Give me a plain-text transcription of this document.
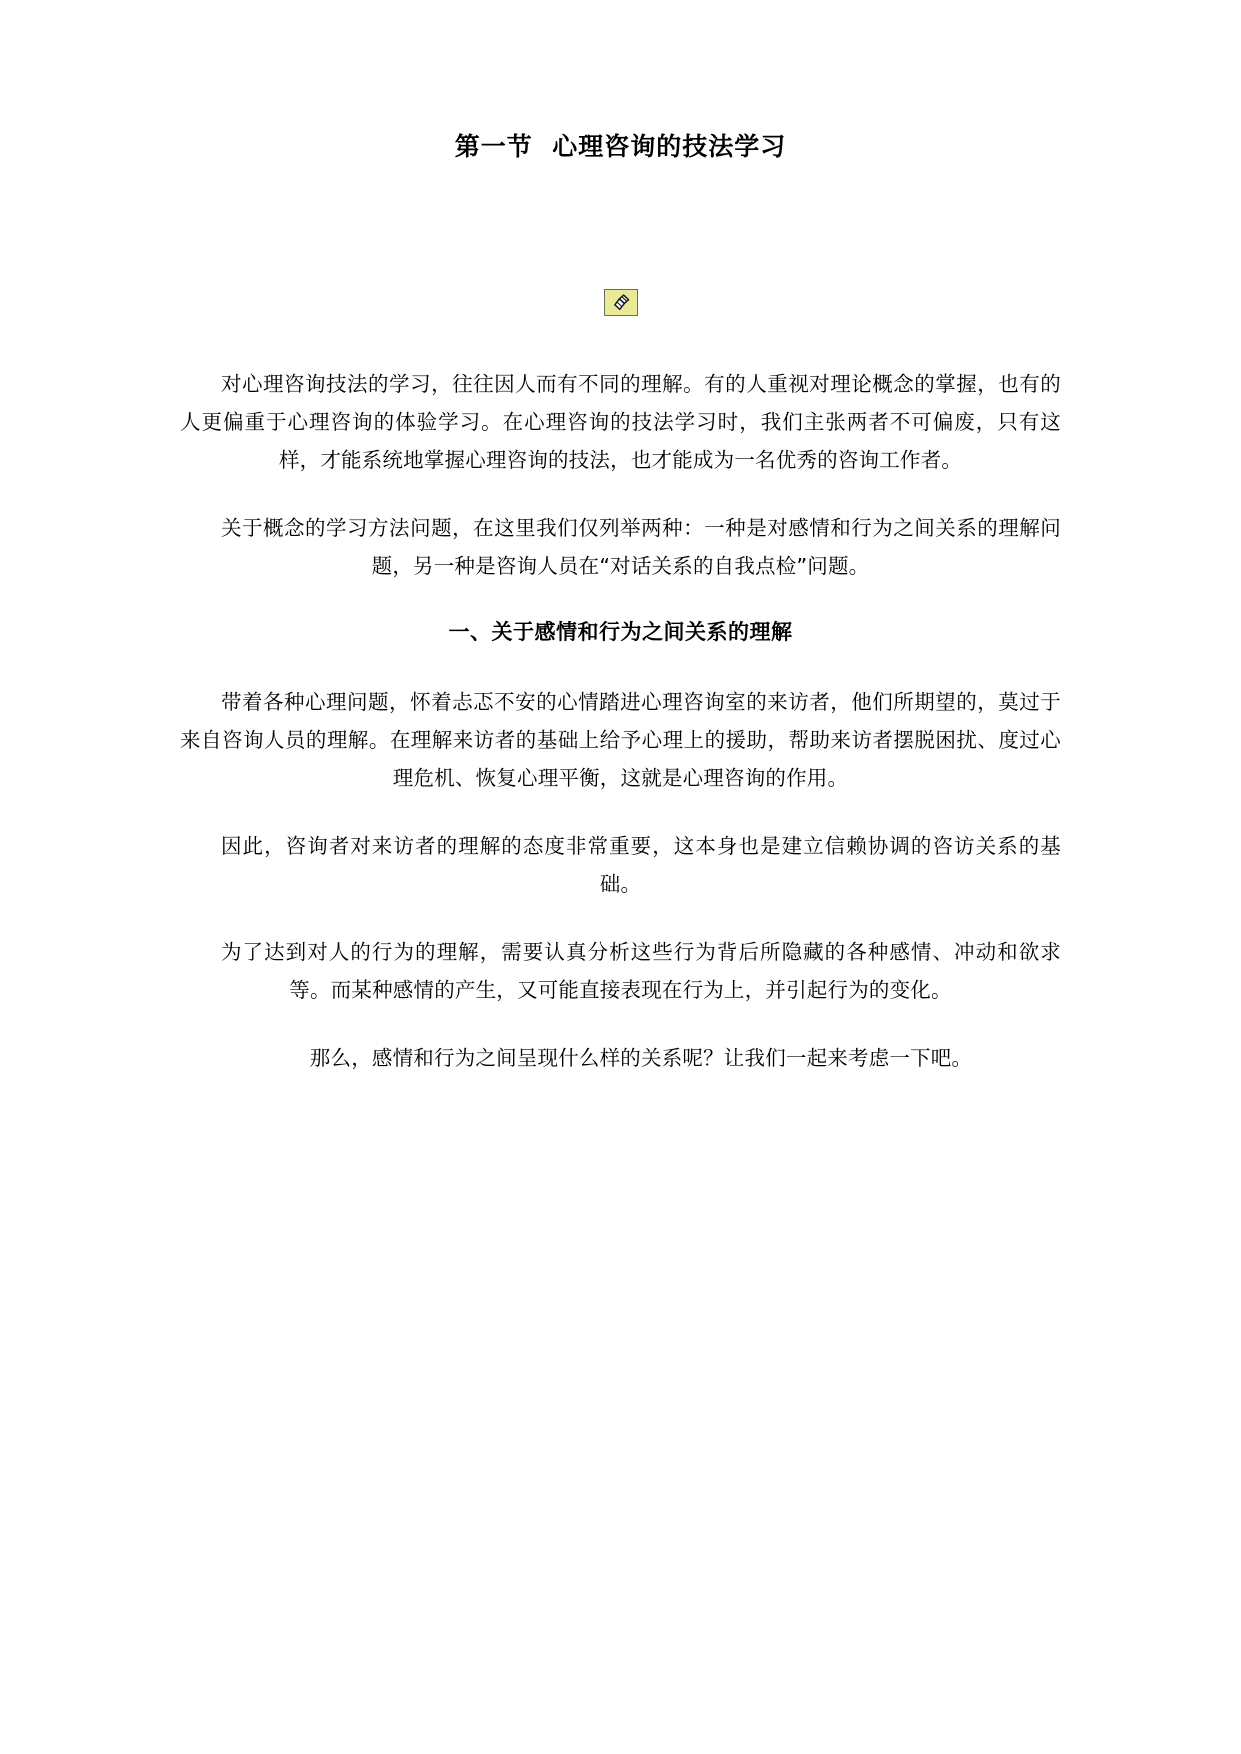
第一节  心理咨询的技法学习

对心理咨询技法的学习，往往因人而有不同的理解。有的人重视对理论概念的掌握，也有的人更偏重于心理咨询的体验学习。在心理咨询的技法学习时，我们主张两者不可偏废，只有这样，才能系统地掌握心理咨询的技法，也才能成为一名优秀的咨询工作者。

关于概念的学习方法问题，在这里我们仅列举两种：一种是对感情和行为之间关系的理解问题，另一种是咨询人员在“对话关系的自我点检”问题。

一、关于感情和行为之间关系的理解

带着各种心理问题，怀着忐忑不安的心情踏进心理咨询室的来访者，他们所期望的，莫过于来自咨询人员的理解。在理解来访者的基础上给予心理上的援助，帮助来访者摆脱困扰、度过心理危机、恢复心理平衡，这就是心理咨询的作用。

因此，咨询者对来访者的理解的态度非常重要，这本身也是建立信赖协调的咨访关系的基础。

为了达到对人的行为的理解，需要认真分析这些行为背后所隐藏的各种感情、冲动和欲求等。而某种感情的产生，又可能直接表现在行为上，并引起行为的变化。

那么，感情和行为之间呈现什么样的关系呢？让我们一起来考虑一下吧。
